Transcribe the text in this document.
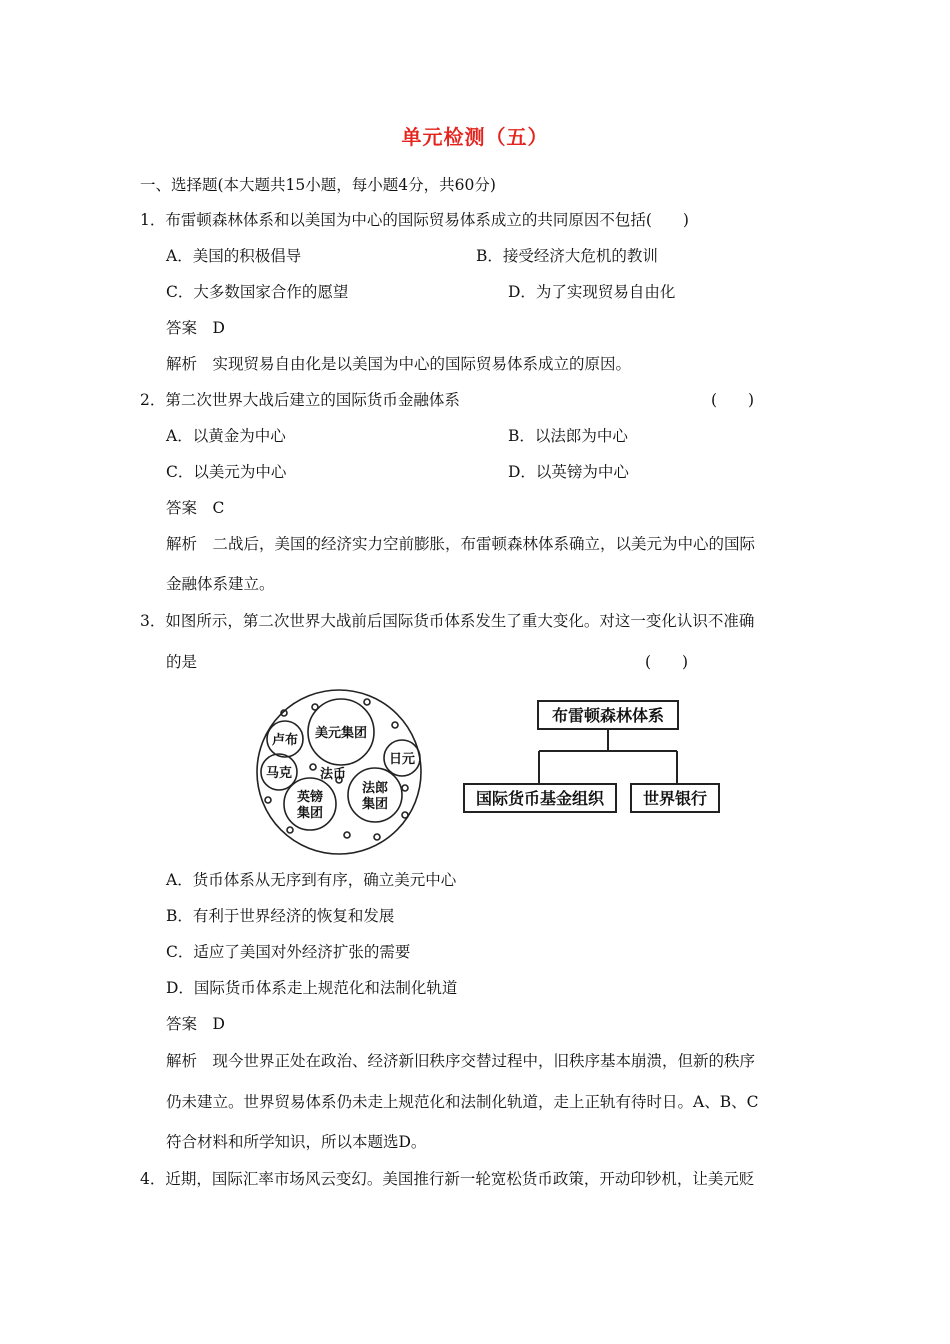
单元检测（五）
一、选择题(本大题共15小题，每小题4分，共60分)
1．布雷顿森林体系和以美国为中心的国际贸易体系成立的共同原因不包括(　　)
A．美国的积极倡导	B．接受经济大危机的教训
C．大多数国家合作的愿望	D．为了实现贸易自由化
答案　D
解析　实现贸易自由化是以美国为中心的国际贸易体系成立的原因。
2．第二次世界大战后建立的国际货币金融体系	(　　)
A．以黄金为中心	B．以法郎为中心
C．以美元为中心	D．以英镑为中心
答案　C
解析　二战后，美国的经济实力空前膨胀，布雷顿森林体系确立，以美元为中心的国际
金融体系建立。
3．如图所示，第二次世界大战前后国际货币体系发生了重大变化。对这一变化认识不准确
的是	(　　)
美元集团
卢布
日元
马克 法币
英镑
集团
法郎
集团
布雷顿森林体系
国际货币基金组织 世界银行
A．货币体系从无序到有序，确立美元中心
B．有利于世界经济的恢复和发展
C．适应了美国对外经济扩张的需要
D．国际货币体系走上规范化和法制化轨道
答案　D
解析　现今世界正处在政治、经济新旧秩序交替过程中，旧秩序基本崩溃，但新的秩序
仍未建立。世界贸易体系仍未走上规范化和法制化轨道，走上正轨有待时日。A、B、C
符合材料和所学知识，所以本题选D。
4．近期，国际汇率市场风云变幻。美国推行新一轮宽松货币政策，开动印钞机，让美元贬
